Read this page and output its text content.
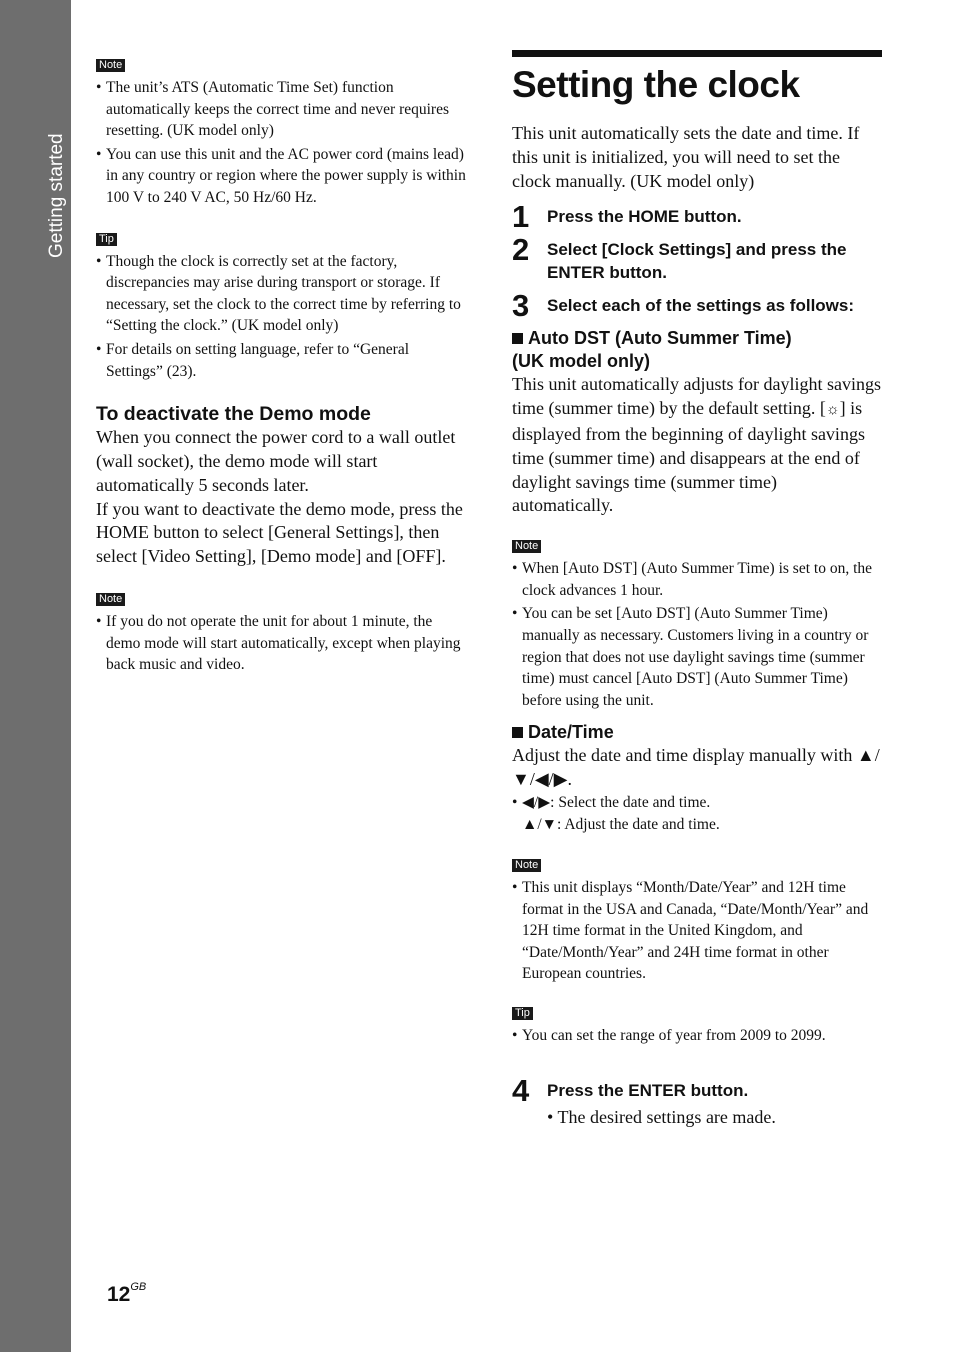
Getting started
Note
• The unit’s ATS (Automatic Time Set) function automatically keeps the correct time and never requires resetting. (UK model only)
• You can use this unit and the AC power cord (mains lead) in any country or region where the power supply is within 100 V to 240 V AC, 50 Hz/60 Hz.
Tip
• Though the clock is correctly set at the factory, discrepancies may arise during transport or storage. If necessary, set the clock to the correct time by referring to “Setting the clock.” (UK model only)
• For details on setting language, refer to “General Settings” (23).
To deactivate the Demo mode

When you connect the power cord to a wall outlet (wall socket), the demo mode will start automatically 5 seconds later.

If you want to deactivate the demo mode, press the HOME button to select [General Settings], then select [Video Setting], [Demo mode] and [OFF].

Note
• If you do not operate the unit for about 1 minute, the demo mode will start automatically, except when playing back music and video.
Setting the clock

This unit automatically sets the date and time. If this unit is initialized, you will need to set the clock manually. (UK model only)

1 Press the HOME button.
2 Select [Clock Settings] and press the ENTER button.
3 Select each of the settings as follows:

Auto DST (Auto Summer Time)
(UK model only)

This unit automatically adjusts for daylight savings time (summer time) by the default setting. [☼] is displayed from the beginning of daylight savings time (summer time) and disappears at the end of daylight savings time (summer time) automatically.

Note
• When [Auto DST] (Auto Summer Time) is set to on, the clock advances 1 hour.
• You can be set [Auto DST] (Auto Summer Time) manually as necessary. Customers living in a country or region that does not use daylight savings time (summer time) must cancel [Auto DST] (Auto Summer Time) before using the unit.

Date/Time

Adjust the date and time display manually with ▲/▼/◀/▶.

• ◀/▶: Select the date and time.
▲/▼: Adjust the date and time.
Note
• This unit displays “Month/Date/Year” and 12H time format in the USA and Canada, “Date/Month/Year” and 12H time format in the United Kingdom, and “Date/Month/Year” and 24H time format in other European countries.
Tip
• You can set the range of year from 2009 to 2099.
4 Press the ENTER button.

• The desired settings are made.

12$^{GB}$
